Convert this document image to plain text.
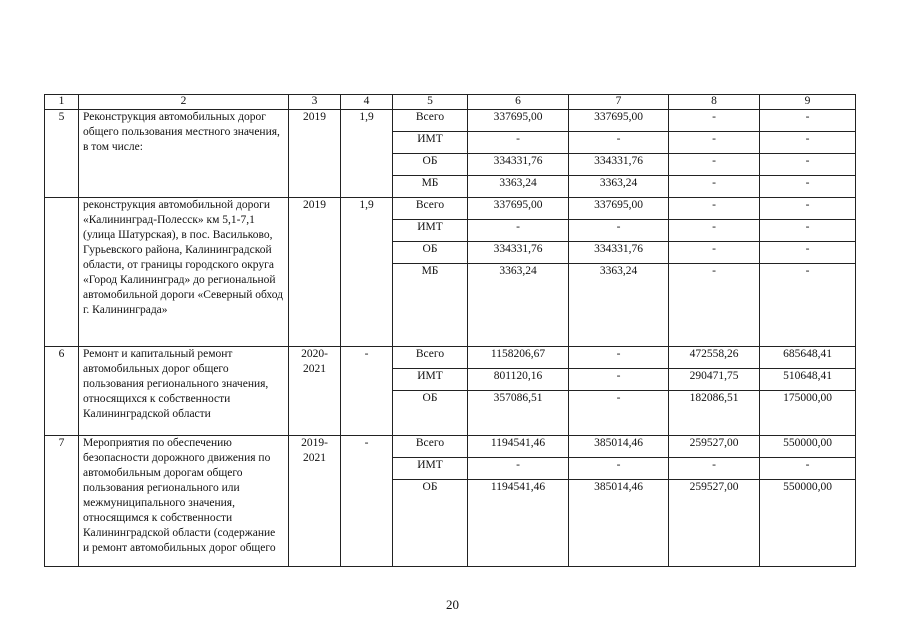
1	2	3	4	5	6	7	8	9
5	Реконструкция автомобильных дорог общего пользования местного значения, в том числе:	2019	1,9	Всего	337695,00	337695,00	-	-
				ИМТ	-	-	-	-
				ОБ	334331,76	334331,76	-	-
				МБ	3363,24	3363,24	-	-
	реконструкция автомобильной дороги «Калининград-Полесск» км 5,1-7,1 (улица Шатурская), в пос. Васильково, Гурьевского района, Калининградской области, от границы городского округа «Город Калининград» до региональной автомобильной дороги «Северный обход г. Калининграда»	2019	1,9	Всего	337695,00	337695,00	-	-
				ИМТ	-	-	-	-
				ОБ	334331,76	334331,76	-	-
				МБ	3363,24	3363,24	-	-
6	Ремонт и капитальный ремонт автомобильных дорог общего пользования регионального значения, относящихся к собственности Калининградской области	2020-2021	-	Всего	1158206,67	-	472558,26	685648,41
				ИМТ	801120,16	-	290471,75	510648,41
				ОБ	357086,51	-	182086,51	175000,00
7	Мероприятия по обеспечению безопасности дорожного движения по автомобильным дорогам общего пользования регионального или межмуниципального значения, относящимся к собственности Калининградской области (содержание и ремонт автомобильных дорог общего	2019-2021	-	Всего	1194541,46	385014,46	259527,00	550000,00
				ИМТ	-	-	-	-
				ОБ	1194541,46	385014,46	259527,00	550000,00
20
